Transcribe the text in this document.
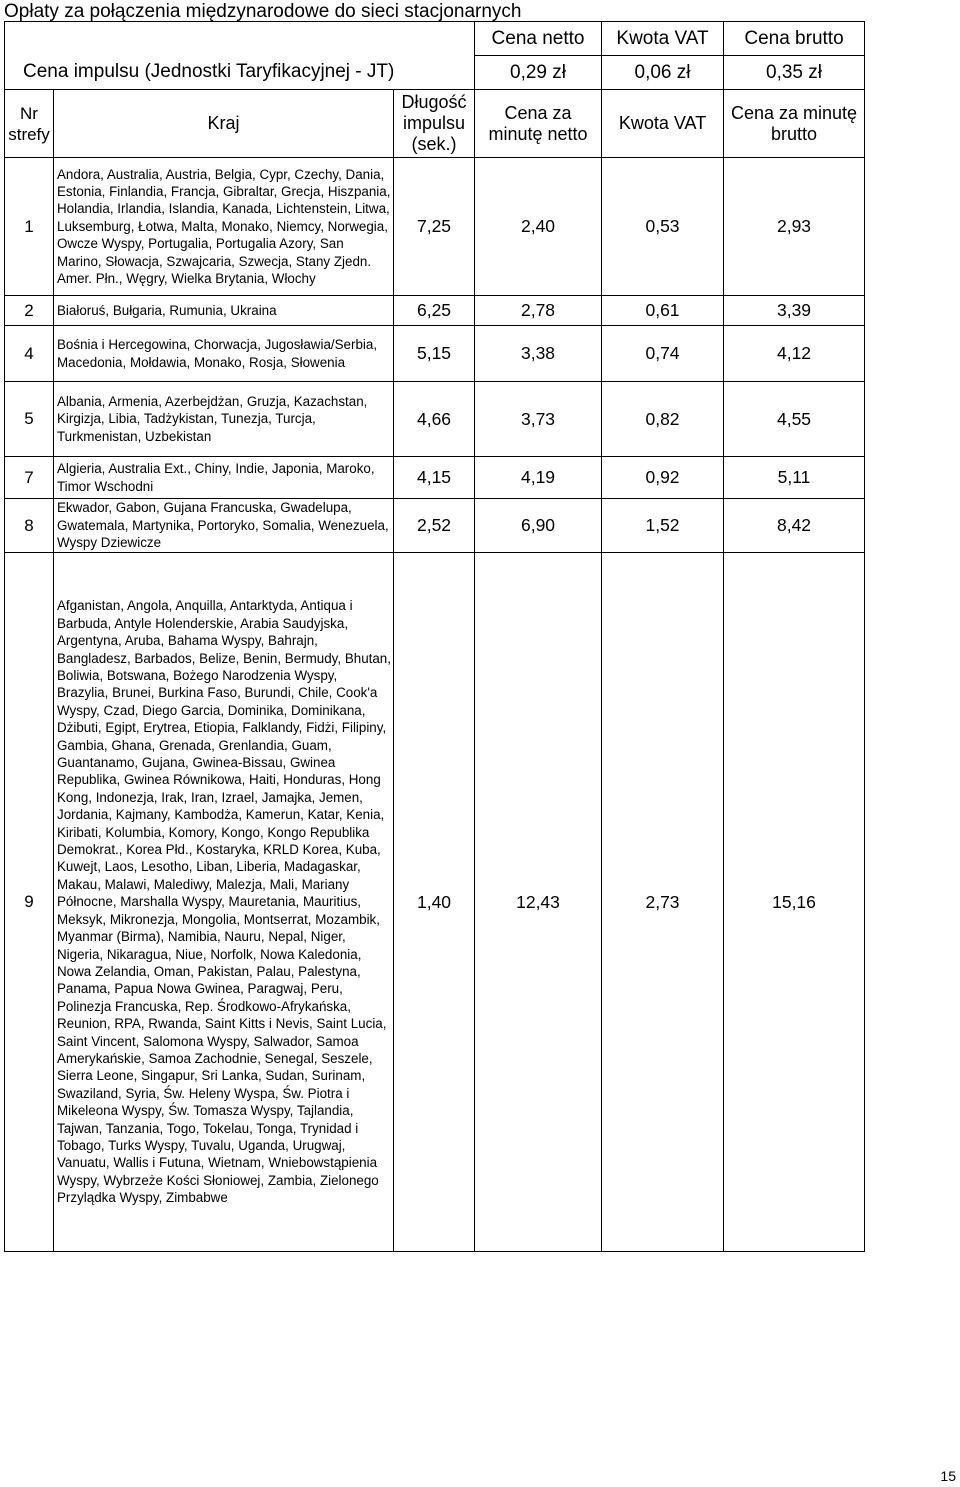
Opłaty za połączenia międzynarodowe do sieci stacjonarnych
			Cena netto	Kwota VAT	Cena brutto
Cena impulsu (Jednostki Taryfikacyjnej - JT)			0,29 zł	0,06 zł	0,35 zł
Nr strefy	Kraj	Długość impulsu (sek.)	Cena za minutę netto	Kwota VAT	Cena za minutę brutto
1	Andora, Australia, Austria, Belgia, Cypr, Czechy, Dania, Estonia, Finlandia, Francja, Gibraltar, Grecja, Hiszpania, Holandia, Irlandia, Islandia, Kanada, Lichtenstein, Litwa, Luksemburg, Łotwa, Malta, Monako, Niemcy, Norwegia, Owcze Wyspy, Portugalia, Portugalia Azory, San Marino, Słowacja, Szwajcaria, Szwecja, Stany Zjedn. Amer. Płn., Węgry, Wielka Brytania, Włochy	7,25	2,40	0,53	2,93
2	Białoruś, Bułgaria, Rumunia, Ukraina	6,25	2,78	0,61	3,39
4	Bośnia i Hercegowina, Chorwacja, Jugosławia/Serbia, Macedonia, Mołdawia, Monako, Rosja, Słowenia	5,15	3,38	0,74	4,12
5	Albania, Armenia, Azerbejdżan, Gruzja, Kazachstan, Kirgizja, Libia, Tadżykistan, Tunezja, Turcja, Turkmenistan, Uzbekistan	4,66	3,73	0,82	4,55
7	Algieria, Australia Ext., Chiny, Indie, Japonia, Maroko, Timor Wschodni	4,15	4,19	0,92	5,11
8	Ekwador, Gabon, Gujana Francuska, Gwadelupa, Gwatemala, Martynika, Portoryko, Somalia, Wenezuela, Wyspy Dziewicze	2,52	6,90	1,52	8,42
9	Afganistan, Angola, Anquilla, Antarktyda, Antiqua i Barbuda, Antyle Holenderskie, Arabia Saudyjska, Argentyna, Aruba, Bahama Wyspy, Bahrajn, Bangladesz, Barbados, Belize, Benin, Bermudy, Bhutan, Boliwia, Botswana, Bożego Narodzenia Wyspy, Brazylia, Brunei, Burkina Faso, Burundi, Chile, Cook'a Wyspy, Czad, Diego Garcia, Dominika, Dominikana, Dżibuti, Egipt, Erytrea, Etiopia, Falklandy, Fidżi, Filipiny, Gambia, Ghana, Grenada, Grenlandia, Guam, Guantanamo, Gujana, Gwinea-Bissau, Gwinea Republika, Gwinea Równikowa, Haiti, Honduras, Hong Kong, Indonezja, Irak, Iran, Izrael, Jamajka, Jemen, Jordania, Kajmany, Kambodża, Kamerun, Katar, Kenia, Kiribati, Kolumbia, Komory, Kongo, Kongo Republika Demokrat., Korea Płd., Kostaryka, KRLD Korea, Kuba, Kuwejt, Laos, Lesotho, Liban, Liberia, Madagaskar, Makau, Malawi, Malediwy, Malezja, Mali, Mariany Północne, Marshalla Wyspy, Mauretania, Mauritius, Meksyk, Mikronezja, Mongolia, Montserrat, Mozambik, Myanmar (Birma), Namibia, Nauru, Nepal, Niger, Nigeria, Nikaragua, Niue, Norfolk, Nowa Kaledonia, Nowa Zelandia, Oman, Pakistan, Palau, Palestyna, Panama, Papua Nowa Gwinea, Paragwaj, Peru, Polinezja Francuska, Rep. Środkowo-Afrykańska, Reunion, RPA, Rwanda, Saint Kitts i Nevis, Saint Lucia, Saint Vincent, Salomona Wyspy, Salwador, Samoa Amerykańskie, Samoa Zachodnie, Senegal, Seszele, Sierra Leone, Singapur, Sri Lanka, Sudan, Surinam, Swaziland, Syria, Św. Heleny Wyspa, Św. Piotra i Mikeleona Wyspy, Św. Tomasza Wyspy, Tajlandia, Tajwan, Tanzania, Togo, Tokelau, Tonga, Trynidad i Tobago, Turks Wyspy, Tuvalu, Uganda, Urugwaj, Vanuatu, Wallis i Futuna, Wietnam, Wniebowstąpienia Wyspy, Wybrzeże Kości Słoniowej, Zambia, Zielonego Przylądka Wyspy, Zimbabwe	1,40	12,43	2,73	15,16
15
